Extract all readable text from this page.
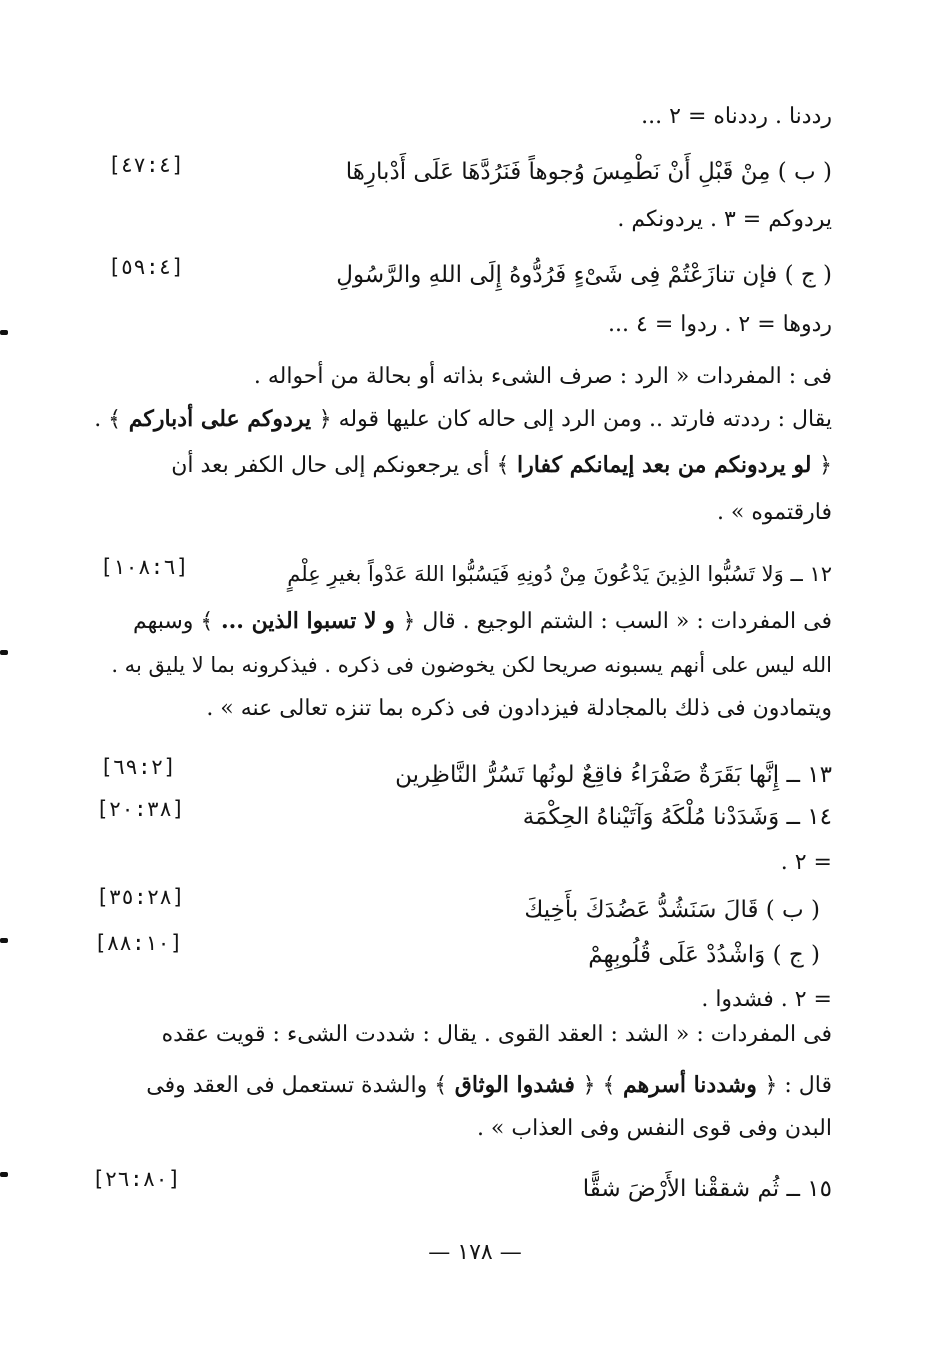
رددنا . رددناه = ٢ ...
( ب ) مِنْ قَبْلِ أَنْ نَطْمِسَ وُجوهاً فَنَرُدَّهَا عَلَى أَدْبارِهَا
[٤٧:٤]
يردوكم = ٣ . يردونكم .
( ج ) فإن تنازَعْتُمْ فِى شَىْءٍ فَرُدُّوهُ إِلَى اللهِ والرَّسُولِ
[٥٩:٤]
ردوها = ٢ . ردوا = ٤ ...
فى : المفردات « الرد : صرف الشىء بذاته أو بحالة من أحواله .
يقال : رددته فارتد .. ومن الرد إلى حاله كان عليها قوله ﴿ يردوكم على أدباركم ﴾ .
﴿ لو يردونكم من بعد إيمانكم كفارا ﴾ أى يرجعونكم إلى حال الكفر بعد أن
فارقتموه » .
١٢ ــ وَلا تَسُبُّوا الذِينَ يَدْعُونَ مِنْ دُونِهِ فَيَسُبُّوا اللهَ عَدْواً بغيرِ عِلْمٍ
[١٠٨:٦]
فى المفردات : « السب : الشتم الوجيع . قال ﴿ و لا تسبوا الذين ... ﴾ وسبهم
الله ليس على أنهم يسبونه صريحا لكن يخوضون فى ذكره . فيذكرونه بما لا يليق به .
ويتمادون فى ذلك بالمجادلة فيزدادون فى ذكره بما تنزه تعالى عنه » .
١٣ ــ إِنَّها بَقَرَةٌ صَفْرَاءُ فاقِعٌ لونُها تَسُرُّ النَّاظِرين
[٦٩:٢]
١٤ ــ وَشَدَدْنا مُلْكَهُ وَآتَيْناهُ الحِكْمَة
[٢٠:٣٨]
= ٢ .
( ب ) قَالَ سَنَشُدُّ عَضُدَكَ بأَخِيكَ
[٣٥:٢٨]
( ج ) وَاشْدُدْ عَلَى قُلُوبِهِمْ
[٨٨:١٠]
= ٢ . فشدوا .
فى المفردات : « الشد : العقد القوى . يقال : شددت الشىء : قويت عقده
قال : ﴿ وشددنا أسرهم ﴾ ﴿ فشدوا الوثاق ﴾ والشدة تستعمل فى العقد وفى
البدن وفى قوى النفس وفى العذاب » .
١٥ ــ ثُم شققْنا الأَرْضَ شقًّا
[٢٦:٨٠]
— ١٧٨ —
